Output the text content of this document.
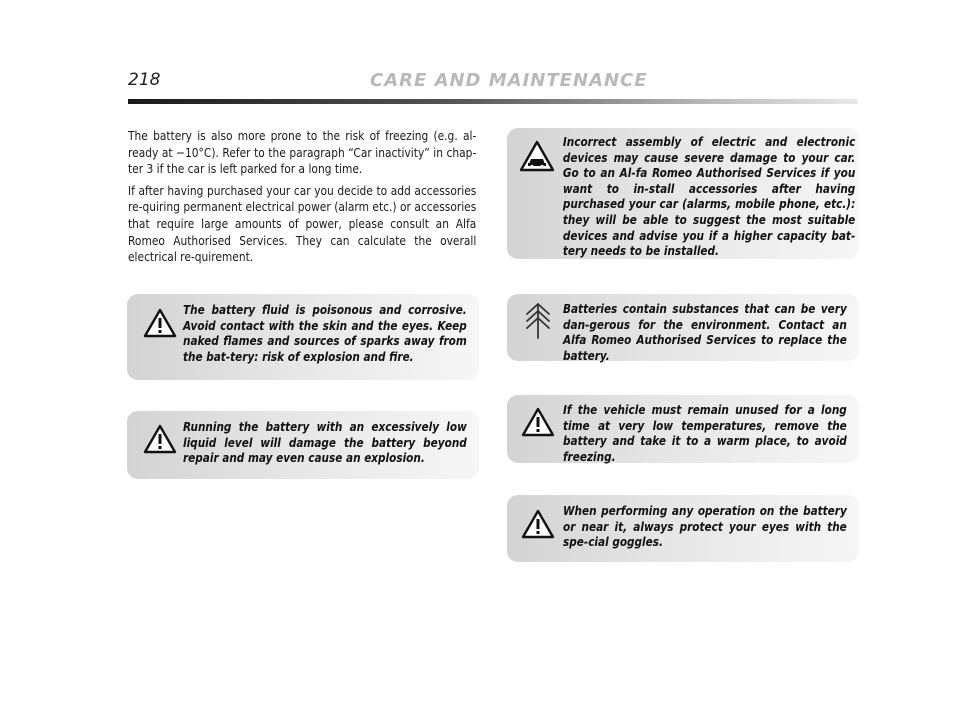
218	CARE AND MAINTENANCE

The battery is also more prone to the risk of freezing (e.g. al-ready at −10°C). Refer to the paragraph “Car inactivity” in chap-ter 3 if the car is left parked for a long time.

If after having purchased your car you decide to add accessories re-quiring permanent electrical power (alarm etc.) or accessories that require large amounts of power, please consult an Alfa Romeo Authorised Services. They can calculate the overall electrical re-quirement.

The battery fluid is poisonous and corrosive. Avoid contact with the skin and the eyes. Keep naked flames and sources of sparks away from the bat-tery: risk of explosion and fire.
Running the battery with an excessively low liquid level will damage the battery beyond repair and may even cause an explosion.
Incorrect assembly of electric and electronic devices may cause severe damage to your car. Go to an Al-fa Romeo Authorised Services if you want to in-stall accessories after having purchased your car (alarms, mobile phone, etc.): they will be able to suggest the most suitable devices and advise you if a higher capacity bat-tery needs to be installed.
Batteries contain substances that can be very dan-gerous for the environment. Contact an Alfa Romeo Authorised Services to replace the battery.
If the vehicle must remain unused for a long time at very low temperatures, remove the battery and take it to a warm place, to avoid freezing.
When performing any operation on the battery or near it, always protect your eyes with the spe-cial goggles.
